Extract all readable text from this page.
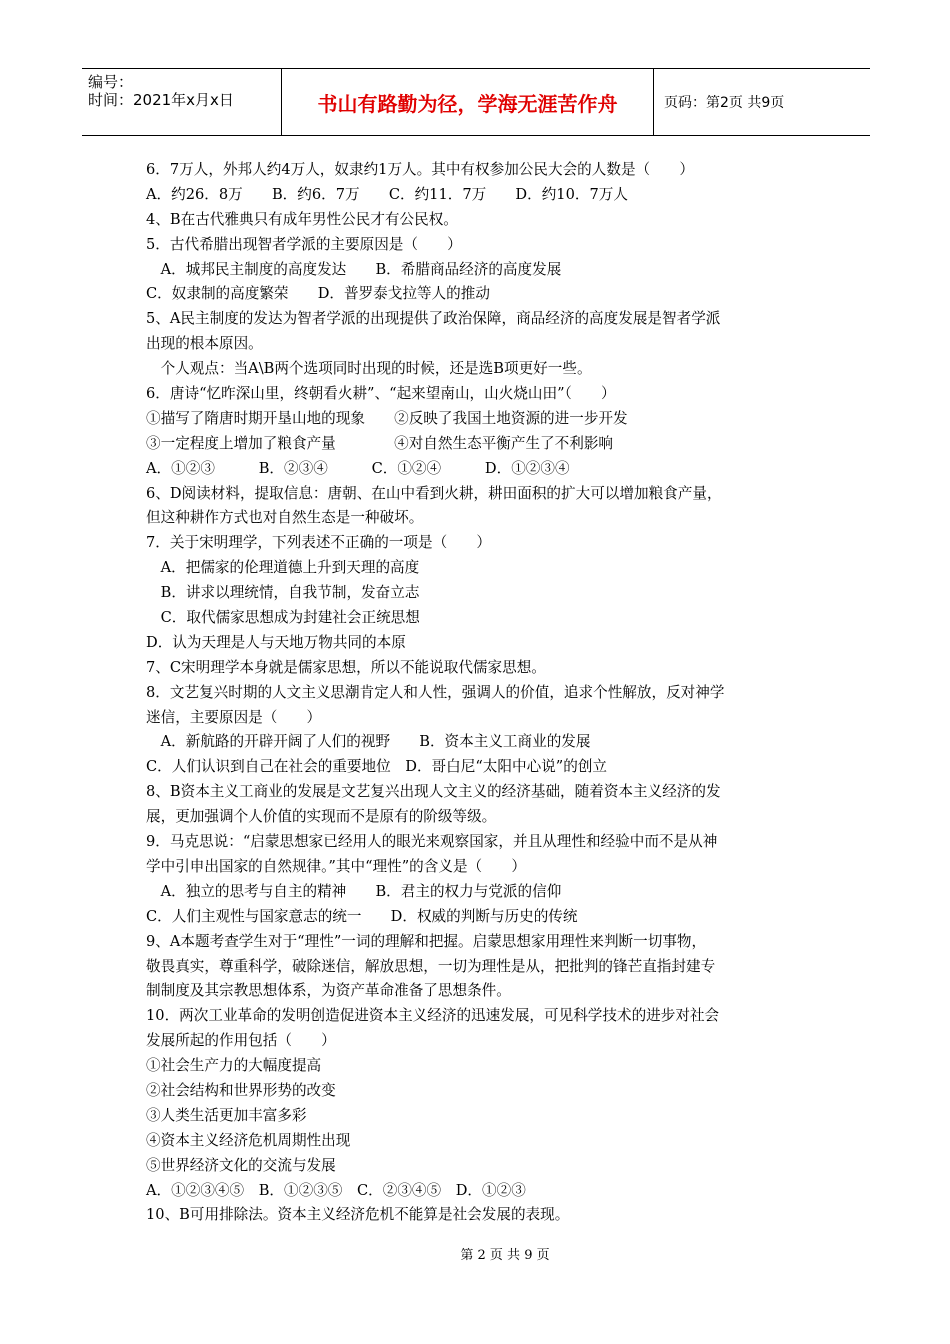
编号：
时间：2021年x月x日	书山有路勤为径，学海无涯苦作舟	页码：第2页 共9页
6．7万人，外邦人约4万人，奴隶约1万人。其中有权参加公民大会的人数是（　　）
A．约26．8万　　B．约6．7万　　C．约11．7万　　D．约10．7万人
4、B在古代雅典只有成年男性公民才有公民权。
5．古代希腊出现智者学派的主要原因是（　　）
　A．城邦民主制度的高度发达　　B．希腊商品经济的高度发展
C．奴隶制的高度繁荣　　D．普罗泰戈拉等人的推动
5、A民主制度的发达为智者学派的出现提供了政治保障，商品经济的高度发展是智者学派
出现的根本原因。
　个人观点：当A\B两个选项同时出现的时候，还是选B项更好一些。
6．唐诗“忆昨深山里，终朝看火耕”、“起来望南山，山火烧山田”（　　）
①描写了隋唐时期开垦山地的现象　　②反映了我国土地资源的进一步开发
③一定程度上增加了粮食产量　　　　④对自然生态平衡产生了不利影响
A．①②③　　　B．②③④　　　C．①②④　　　D．①②③④
6、D阅读材料，提取信息：唐朝、在山中看到火耕，耕田面积的扩大可以增加粮食产量，
但这种耕作方式也对自然生态是一种破坏。
7．关于宋明理学，下列表述不正确的一项是（　　）
　A．把儒家的伦理道德上升到天理的高度
　B．讲求以理统情，自我节制，发奋立志
　C．取代儒家思想成为封建社会正统思想
D．认为天理是人与天地万物共同的本原
7、C宋明理学本身就是儒家思想，所以不能说取代儒家思想。
8．文艺复兴时期的人文主义思潮肯定人和人性，强调人的价值，追求个性解放，反对神学
迷信，主要原因是（　　）
　A．新航路的开辟开阔了人们的视野　　B．资本主义工商业的发展
C．人们认识到自己在社会的重要地位　D．哥白尼“太阳中心说”的创立
8、B资本主义工商业的发展是文艺复兴出现人文主义的经济基础，随着资本主义经济的发
展，更加强调个人价值的实现而不是原有的阶级等级。
9．马克思说：“启蒙思想家已经用人的眼光来观察国家，并且从理性和经验中而不是从神
学中引申出国家的自然规律。”其中“理性”的含义是（　　）
　A．独立的思考与自主的精神　　B．君主的权力与党派的信仰
C．人们主观性与国家意志的统一　　D．权威的判断与历史的传统
9、A本题考查学生对于“理性”一词的理解和把握。启蒙思想家用理性来判断一切事物，
敬畏真实，尊重科学，破除迷信，解放思想，一切为理性是从，把批判的锋芒直指封建专
制制度及其宗教思想体系，为资产革命准备了思想条件。
10．两次工业革命的发明创造促进资本主义经济的迅速发展，可见科学技术的进步对社会
发展所起的作用包括（　　）
①社会生产力的大幅度提高
②社会结构和世界形势的改变
③人类生活更加丰富多彩
④资本主义经济危机周期性出现
⑤世界经济文化的交流与发展
A．①②③④⑤　B．①②③⑤　C．②③④⑤　D．①②③
10、B可用排除法。资本主义经济危机不能算是社会发展的表现。
第 2 页 共 9 页
